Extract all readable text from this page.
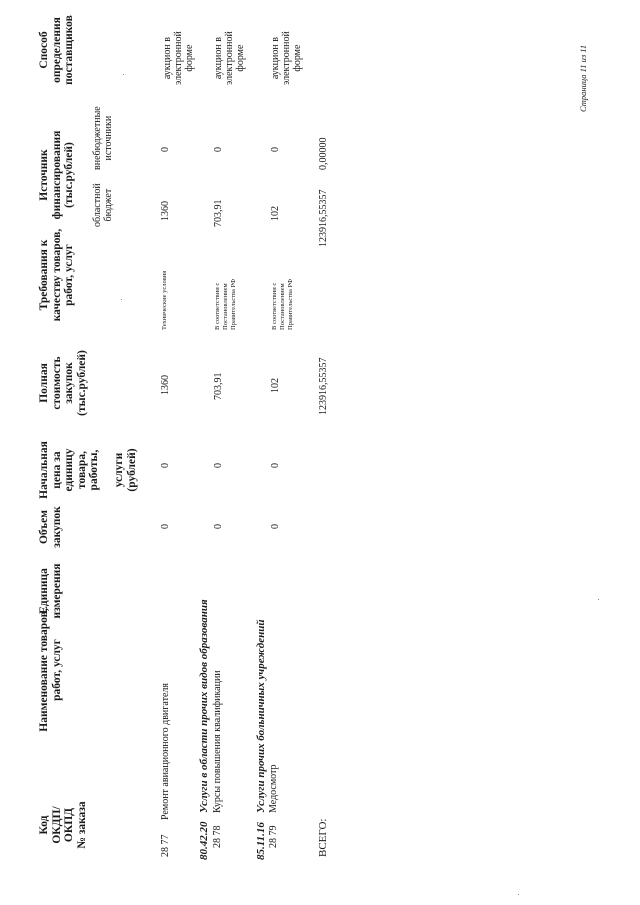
Код ОКДП/ ОКПД № заказа
Наименование товаров, работ, услуг
Единица измерения
Объем закупок
Начальная цена за единицу товара, работы, услуги (рублей)
Полная стоимость закупок (тыс.рублей)
Требования к качеству товаров, работ, услуг
Источник финансирования (тыс.рублей) областной бюджет
внебюджетные источники
Способ определения поставщиков
28 77
Ремонт авиационного двигателя
0
0
1360
Технические условия
1360
0
аукцион в электронной форме
80.42.20
Услуги в области прочих видов образования
28 78
Курсы повышения квалификации
0
0
703,91
В соответствии с Постановлением Правительства РФ
703,91
0
аукцион в электронной форме
85.11.16
Услуги прочих больничных учреждений
28 79
Медосмотр
0
0
102
В соответствии с Постановлением Правительства РФ
102
0
аукцион в электронной форме
ВСЕГО:
123916,55357
123916,55357
0,00000
Страница 11 из 11
